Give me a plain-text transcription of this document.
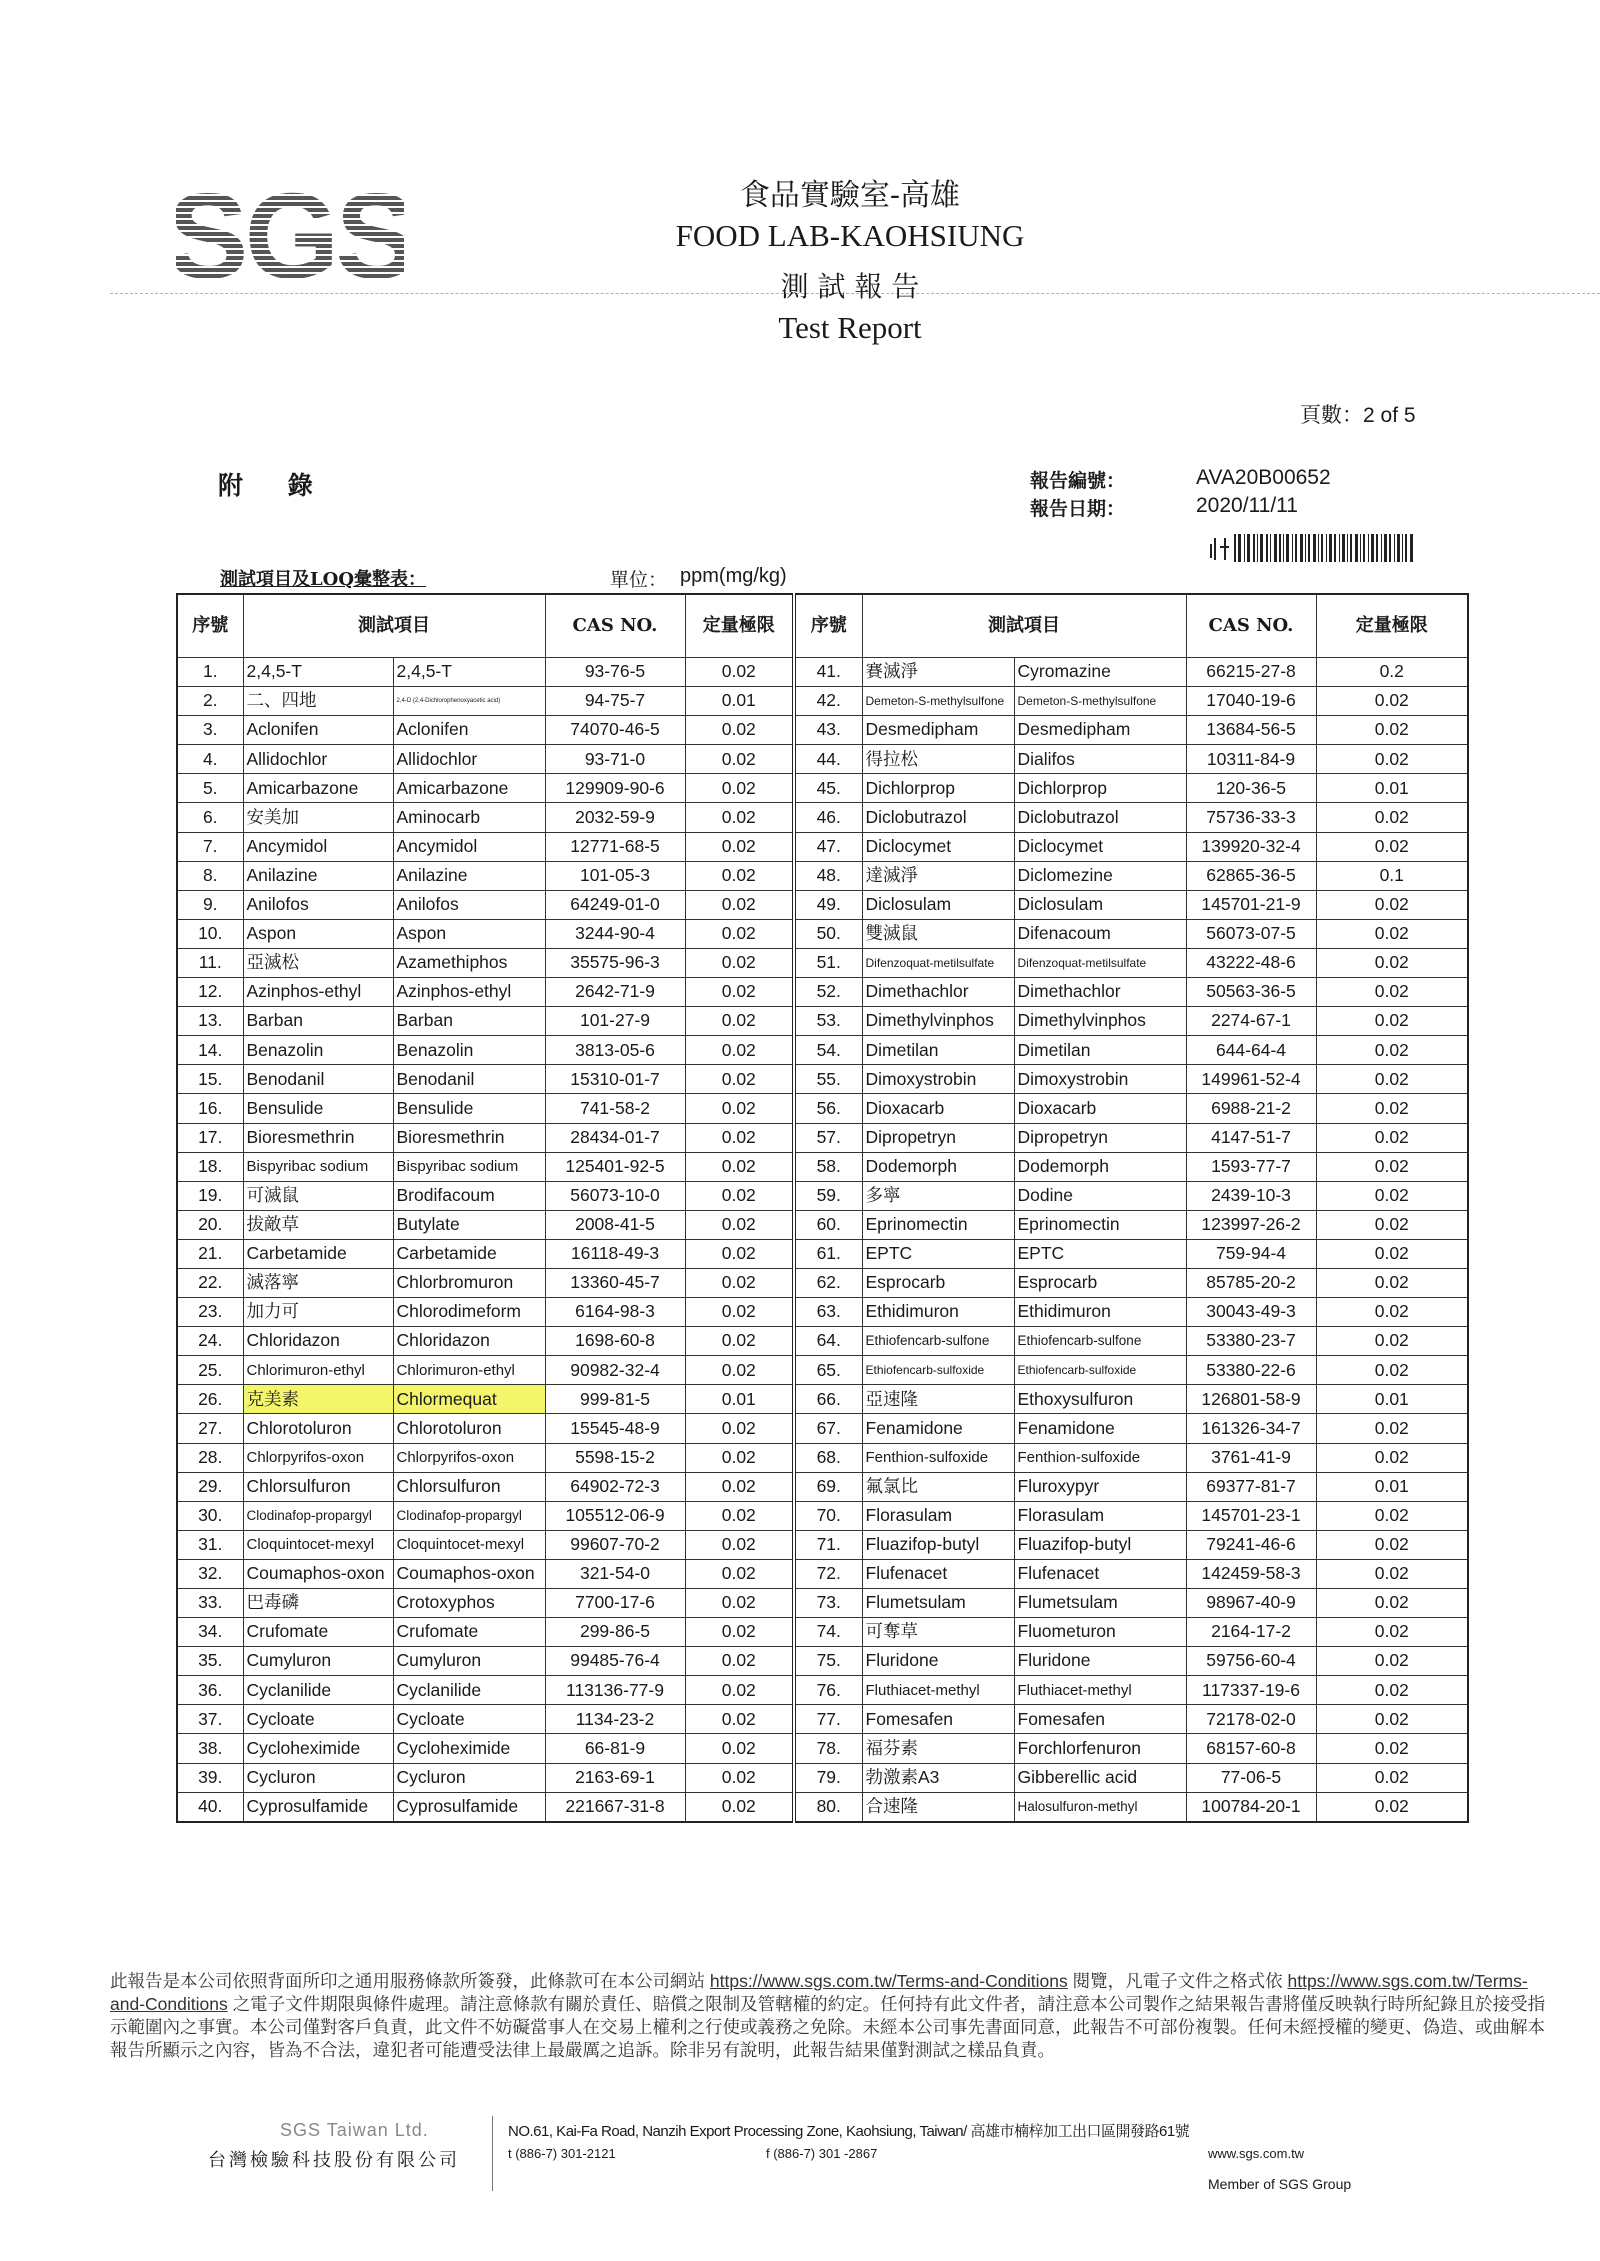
食品實驗室-高雄
FOOD LAB-KAOHSIUNG
測 試 報 告
Test Report
頁數：2 of 5
附 錄	報告編號：	AVA20B00652
報告日期：	2020/11/11
測試項目及LOQ彙整表：	單位： ppm(mg/kg)
序號	測試項目		CAS NO.	定量極限	序號	測試項目		CAS NO.	定量極限
1.	2,4,5-T	2,4,5-T	93-76-5	0.02	41.	賽滅淨	Cyromazine	66215-27-8	0.2
2.	二、四地	2,4-D (2,4-Dichlorophenoxyacetic acid)	94-75-7	0.01	42.	Demeton-S-methylsulfone	Demeton-S-methylsulfone	17040-19-6	0.02
3.	Aclonifen	Aclonifen	74070-46-5	0.02	43.	Desmedipham	Desmedipham	13684-56-5	0.02
4.	Allidochlor	Allidochlor	93-71-0	0.02	44.	得拉松	Dialifos	10311-84-9	0.02
5.	Amicarbazone	Amicarbazone	129909-90-6	0.02	45.	Dichlorprop	Dichlorprop	120-36-5	0.01
6.	安美加	Aminocarb	2032-59-9	0.02	46.	Diclobutrazol	Diclobutrazol	75736-33-3	0.02
7.	Ancymidol	Ancymidol	12771-68-5	0.02	47.	Diclocymet	Diclocymet	139920-32-4	0.02
8.	Anilazine	Anilazine	101-05-3	0.02	48.	達滅淨	Diclomezine	62865-36-5	0.1
9.	Anilofos	Anilofos	64249-01-0	0.02	49.	Diclosulam	Diclosulam	145701-21-9	0.02
10.	Aspon	Aspon	3244-90-4	0.02	50.	雙滅鼠	Difenacoum	56073-07-5	0.02
11.	亞滅松	Azamethiphos	35575-96-3	0.02	51.	Difenzoquat-metilsulfate	Difenzoquat-metilsulfate	43222-48-6	0.02
12.	Azinphos-ethyl	Azinphos-ethyl	2642-71-9	0.02	52.	Dimethachlor	Dimethachlor	50563-36-5	0.02
13.	Barban	Barban	101-27-9	0.02	53.	Dimethylvinphos	Dimethylvinphos	2274-67-1	0.02
14.	Benazolin	Benazolin	3813-05-6	0.02	54.	Dimetilan	Dimetilan	644-64-4	0.02
15.	Benodanil	Benodanil	15310-01-7	0.02	55.	Dimoxystrobin	Dimoxystrobin	149961-52-4	0.02
16.	Bensulide	Bensulide	741-58-2	0.02	56.	Dioxacarb	Dioxacarb	6988-21-2	0.02
17.	Bioresmethrin	Bioresmethrin	28434-01-7	0.02	57.	Dipropetryn	Dipropetryn	4147-51-7	0.02
18.	Bispyribac sodium	Bispyribac sodium	125401-92-5	0.02	58.	Dodemorph	Dodemorph	1593-77-7	0.02
19.	可滅鼠	Brodifacoum	56073-10-0	0.02	59.	多寧	Dodine	2439-10-3	0.02
20.	拔敵草	Butylate	2008-41-5	0.02	60.	Eprinomectin	Eprinomectin	123997-26-2	0.02
21.	Carbetamide	Carbetamide	16118-49-3	0.02	61.	EPTC	EPTC	759-94-4	0.02
22.	滅落寧	Chlorbromuron	13360-45-7	0.02	62.	Esprocarb	Esprocarb	85785-20-2	0.02
23.	加力可	Chlorodimeform	6164-98-3	0.02	63.	Ethidimuron	Ethidimuron	30043-49-3	0.02
24.	Chloridazon	Chloridazon	1698-60-8	0.02	64.	Ethiofencarb-sulfone	Ethiofencarb-sulfone	53380-23-7	0.02
25.	Chlorimuron-ethyl	Chlorimuron-ethyl	90982-32-4	0.02	65.	Ethiofencarb-sulfoxide	Ethiofencarb-sulfoxide	53380-22-6	0.02
26.	克美素	Chlormequat	999-81-5	0.01	66.	亞速隆	Ethoxysulfuron	126801-58-9	0.01
27.	Chlorotoluron	Chlorotoluron	15545-48-9	0.02	67.	Fenamidone	Fenamidone	161326-34-7	0.02
28.	Chlorpyrifos-oxon	Chlorpyrifos-oxon	5598-15-2	0.02	68.	Fenthion-sulfoxide	Fenthion-sulfoxide	3761-41-9	0.02
29.	Chlorsulfuron	Chlorsulfuron	64902-72-3	0.02	69.	氟氯比	Fluroxypyr	69377-81-7	0.01
30.	Clodinafop-propargyl	Clodinafop-propargyl	105512-06-9	0.02	70.	Florasulam	Florasulam	145701-23-1	0.02
31.	Cloquintocet-mexyl	Cloquintocet-mexyl	99607-70-2	0.02	71.	Fluazifop-butyl	Fluazifop-butyl	79241-46-6	0.02
32.	Coumaphos-oxon	Coumaphos-oxon	321-54-0	0.02	72.	Flufenacet	Flufenacet	142459-58-3	0.02
33.	巴毒磷	Crotoxyphos	7700-17-6	0.02	73.	Flumetsulam	Flumetsulam	98967-40-9	0.02
34.	Crufomate	Crufomate	299-86-5	0.02	74.	可奪草	Fluometuron	2164-17-2	0.02
35.	Cumyluron	Cumyluron	99485-76-4	0.02	75.	Fluridone	Fluridone	59756-60-4	0.02
36.	Cyclanilide	Cyclanilide	113136-77-9	0.02	76.	Fluthiacet-methyl	Fluthiacet-methyl	117337-19-6	0.02
37.	Cycloate	Cycloate	1134-23-2	0.02	77.	Fomesafen	Fomesafen	72178-02-0	0.02
38.	Cycloheximide	Cycloheximide	66-81-9	0.02	78.	福芬素	Forchlorfenuron	68157-60-8	0.02
39.	Cycluron	Cycluron	2163-69-1	0.02	79.	勃激素A3	Gibberellic acid	77-06-5	0.02
40.	Cyprosulfamide	Cyprosulfamide	221667-31-8	0.02	80.	合速隆	Halosulfuron-methyl	100784-20-1	0.02
此報告是本公司依照背面所印之通用服務條款所簽發，此條款可在本公司網站 https://www.sgs.com.tw/Terms-and-Conditions 閱覽，凡電子文件之格式依 https://www.sgs.com.tw/Terms-and-Conditions 之電子文件期限與條件處理。請注意條款有關於責任、賠償之限制及管轄權的約定。任何持有此文件者，請注意本公司製作之結果報告書將僅反映執行時所紀錄且於接受指示範圍內之事實。本公司僅對客戶負責，此文件不妨礙當事人在交易上權利之行使或義務之免除。未經本公司事先書面同意，此報告不可部份複製。任何未經授權的變更、偽造、或曲解本報告所顯示之內容，皆為不合法，違犯者可能遭受法律上最嚴厲之追訴。除非另有說明，此報告結果僅對測試之樣品負責。
SGS Taiwan Ltd.
台灣檢驗科技股份有限公司
NO.61, Kai-Fa Road, Nanzih Export Processing Zone, Kaohsiung, Taiwan/ 高雄市楠梓加工出口區開發路61號
t (886-7) 301-2121	f (886-7) 301 -2867	www.sgs.com.tw
Member of SGS Group
